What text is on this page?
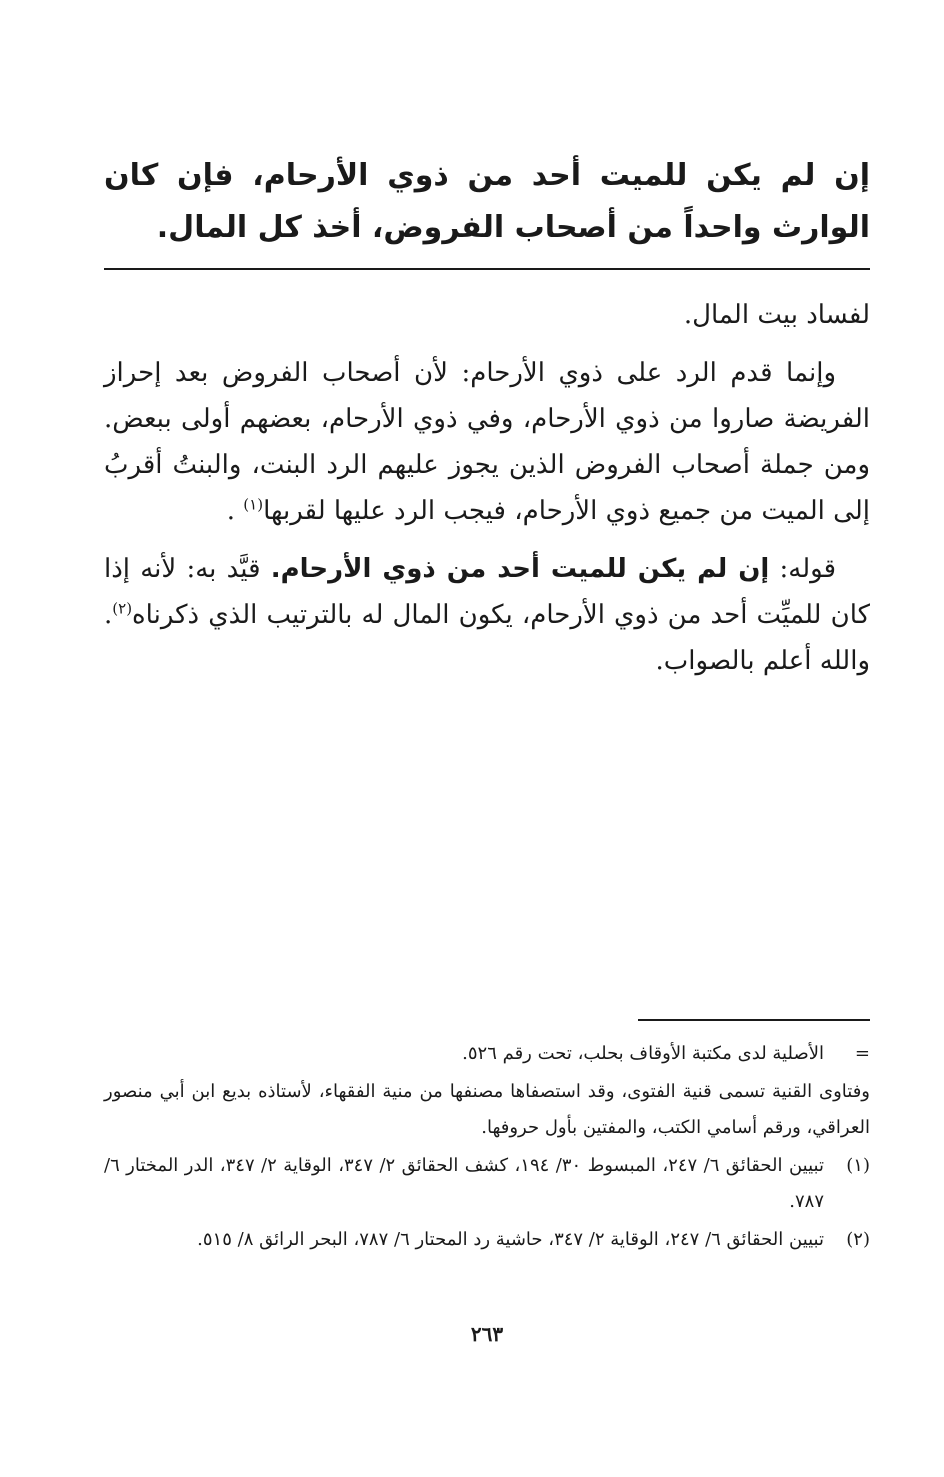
إن لم يكن للميت أحد من ذوي الأرحام، فإن كان الوارث واحداً من أصحاب الفروض، أخذ كل المال.

لفساد بيت المال.

وإنما قدم الرد على ذوي الأرحام: لأن أصحاب الفروض بعد إحراز الفريضة صاروا من ذوي الأرحام، وفي ذوي الأرحام، بعضهم أولى ببعض. ومن جملة أصحاب الفروض الذين يجوز عليهم الرد البنت، والبنتُ أقربُ إلى الميت من جميع ذوي الأرحام، فيجب الرد عليها لقربها$^{(١)}$ .

قوله: إن لم يكن للميت أحد من ذوي الأرحام. قيَّد به: لأنه إذا كان للميِّت أحد من ذوي الأرحام، يكون المال له بالترتيب الذي ذكرناه$^{(٢)}$. والله أعلم بالصواب.

=
الأصلية لدى مكتبة الأوقاف بحلب، تحت رقم ٥٢٦.
وفتاوى القنية تسمى قنية الفتوى، وقد استصفاها مصنفها من منية الفقهاء، لأستاذه بديع ابن أبي منصور العراقي، ورقم أسامي الكتب، والمفتين بأول حروفها.
(١)
تبيين الحقائق ٦/ ٢٤٧، المبسوط ٣٠/ ١٩٤، كشف الحقائق ٢/ ٣٤٧، الوقاية ٢/ ٣٤٧، الدر المختار ٦/ ٧٨٧.
(٢)
تبيين الحقائق ٦/ ٢٤٧، الوقاية ٢/ ٣٤٧، حاشية رد المحتار ٦/ ٧٨٧، البحر الرائق ٨/ ٥١٥.
٢٦٣
